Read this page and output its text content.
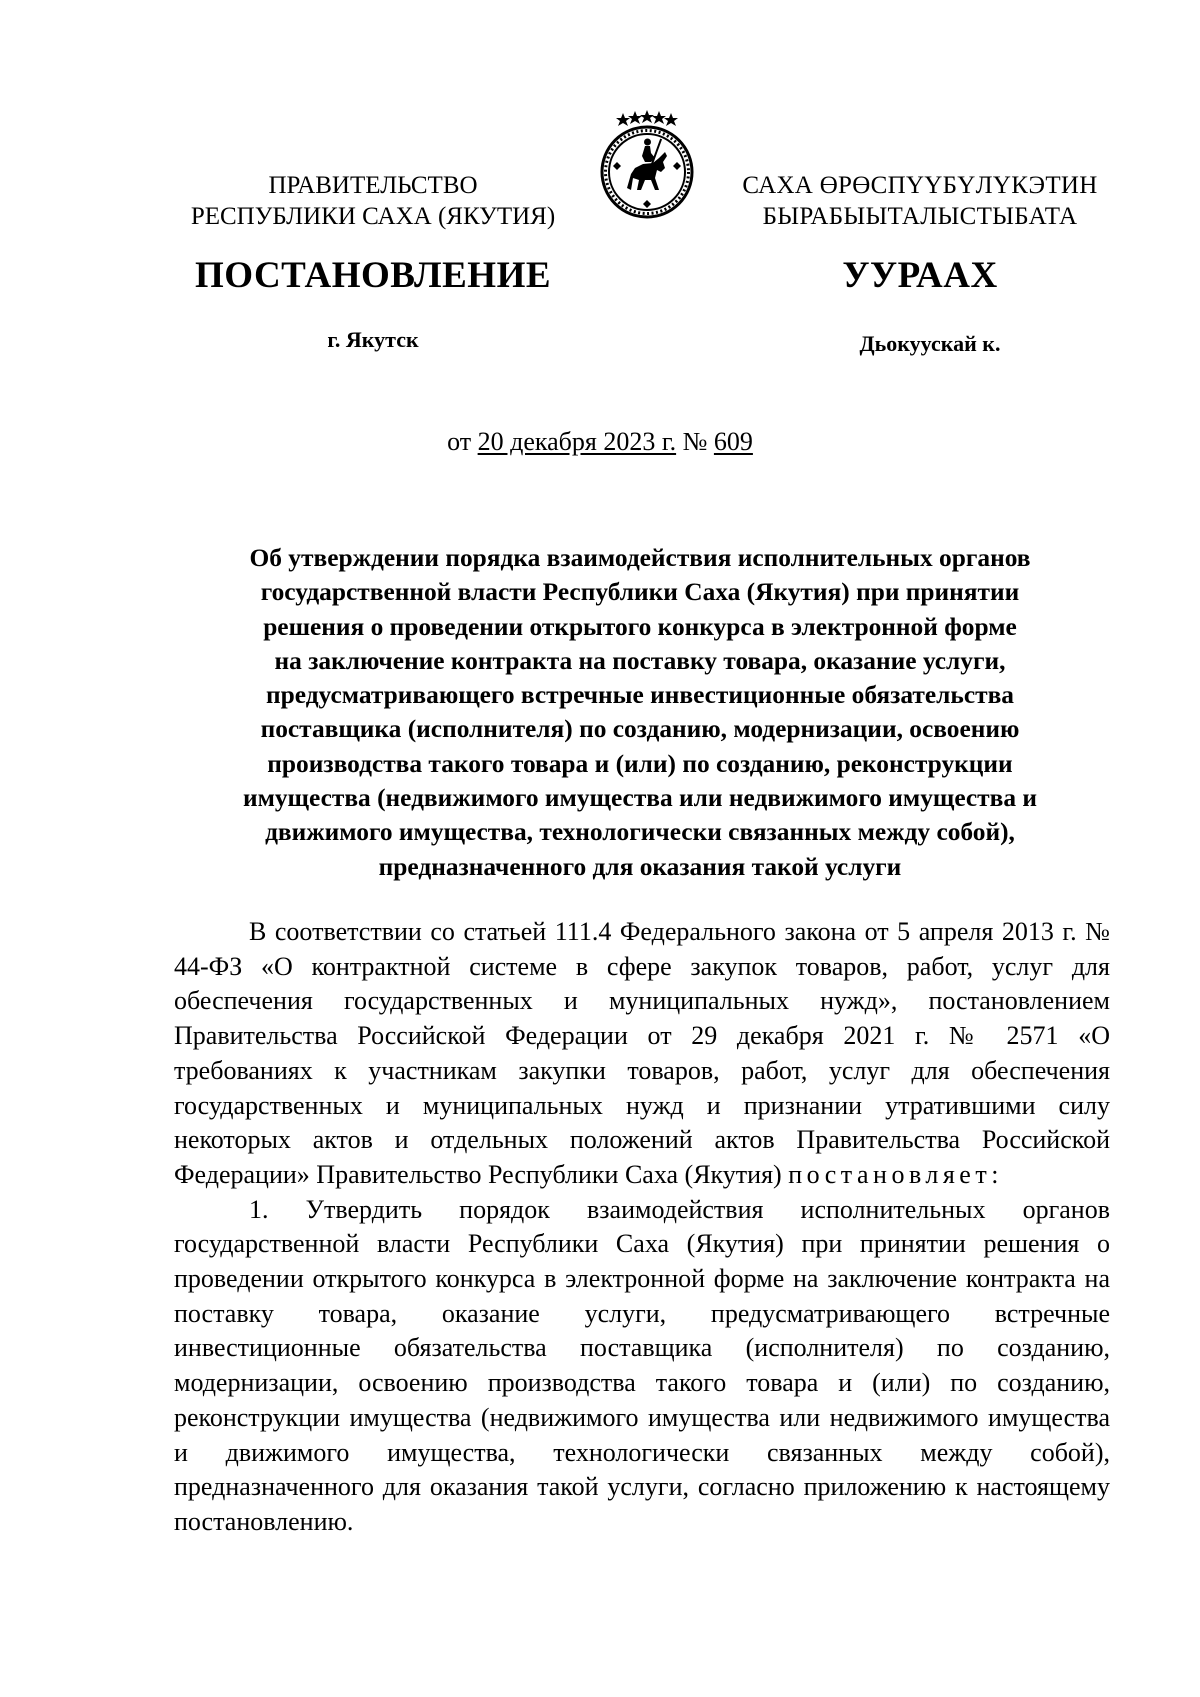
ПРАВИТЕЛЬСТВО
РЕСПУБЛИКИ САХА (ЯКУТИЯ)
САХА ӨРӨСПҮҮБҮЛҮКЭТИН
БЫРАБЫЫТАЛЫСТЫБАТА
ПОСТАНОВЛЕНИЕ	УУРААХ
г. Якутск	Дьокуускай к.
от 20 декабря 2023 г. № 609
Об утверждении порядка взаимодействия исполнительных органов
государственной власти Республики Саха (Якутия) при принятии
решения о проведении открытого конкурса в электронной форме
на заключение контракта на поставку товара, оказание услуги,
предусматривающего встречные инвестиционные обязательства
поставщика (исполнителя) по созданию, модернизации, освоению
производства такого товара и (или) по созданию, реконструкции
имущества (недвижимого имущества или недвижимого имущества и
движимого имущества, технологически связанных между собой),
предназначенного для оказания такой услуги

В соответствии со статьей 111.4 Федерального закона от 5 апреля 2013 г. № 44-ФЗ «О контрактной системе в сфере закупок товаров, работ, услуг для обеспечения государственных и муниципальных нужд», постановлением Правительства Российской Федерации от 29 декабря 2021 г. № 2571 «О требованиях к участникам закупки товаров, работ, услуг для обеспечения государственных и муниципальных нужд и признании утратившими силу некоторых актов и отдельных положений актов Правительства Российской Федерации» Правительство Республики Саха (Якутия) постановляет:

1. Утвердить порядок взаимодействия исполнительных органов государственной власти Республики Саха (Якутия) при принятии решения о проведении открытого конкурса в электронной форме на заключение контракта на поставку товара, оказание услуги, предусматривающего встречные инвестиционные обязательства поставщика (исполнителя) по созданию, модернизации, освоению производства такого товара и (или) по созданию, реконструкции имущества (недвижимого имущества или недвижимого имущества и движимого имущества, технологически связанных между собой), предназначенного для оказания такой услуги, согласно приложению к настоящему постановлению.
